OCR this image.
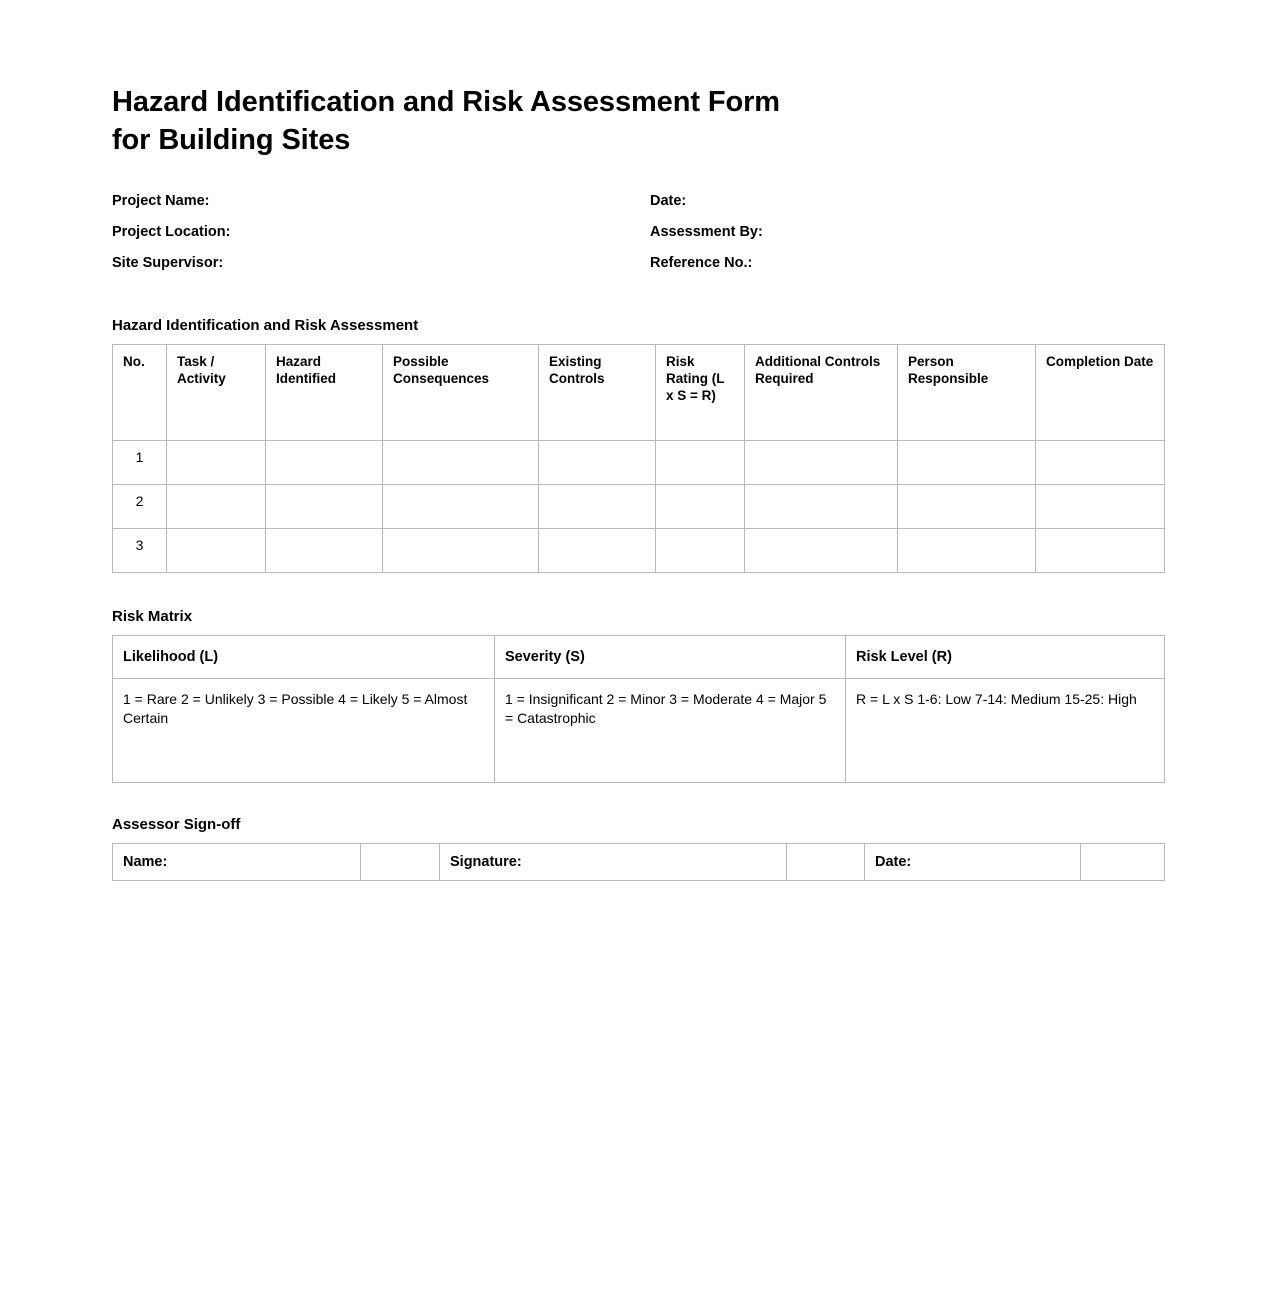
Hazard Identification and Risk Assessment Form
for Building Sites
Project Name:	Date:
Project Location:	Assessment By:
Site Supervisor:	Reference No.:
Hazard Identification and Risk Assessment
No.	Task / Activity	Hazard Identified	Possible Consequences	Existing Controls	Risk Rating (L x S = R)	Additional Controls Required	Person Responsible	Completion Date
1								
2								
3								
Risk Matrix
Likelihood (L)	Severity (S)	Risk Level (R)

1 = Rare 2 = Unlikely 3 = Possible 4 = Likely 5 = Almost Certain	1 = Insignificant 2 = Minor 3 = Moderate 4 = Major 5 = Catastrophic	R = L x S 1-6: Low 7-14: Medium 15-25: High
Assessor Sign-off
Name:		Signature:		Date:	
